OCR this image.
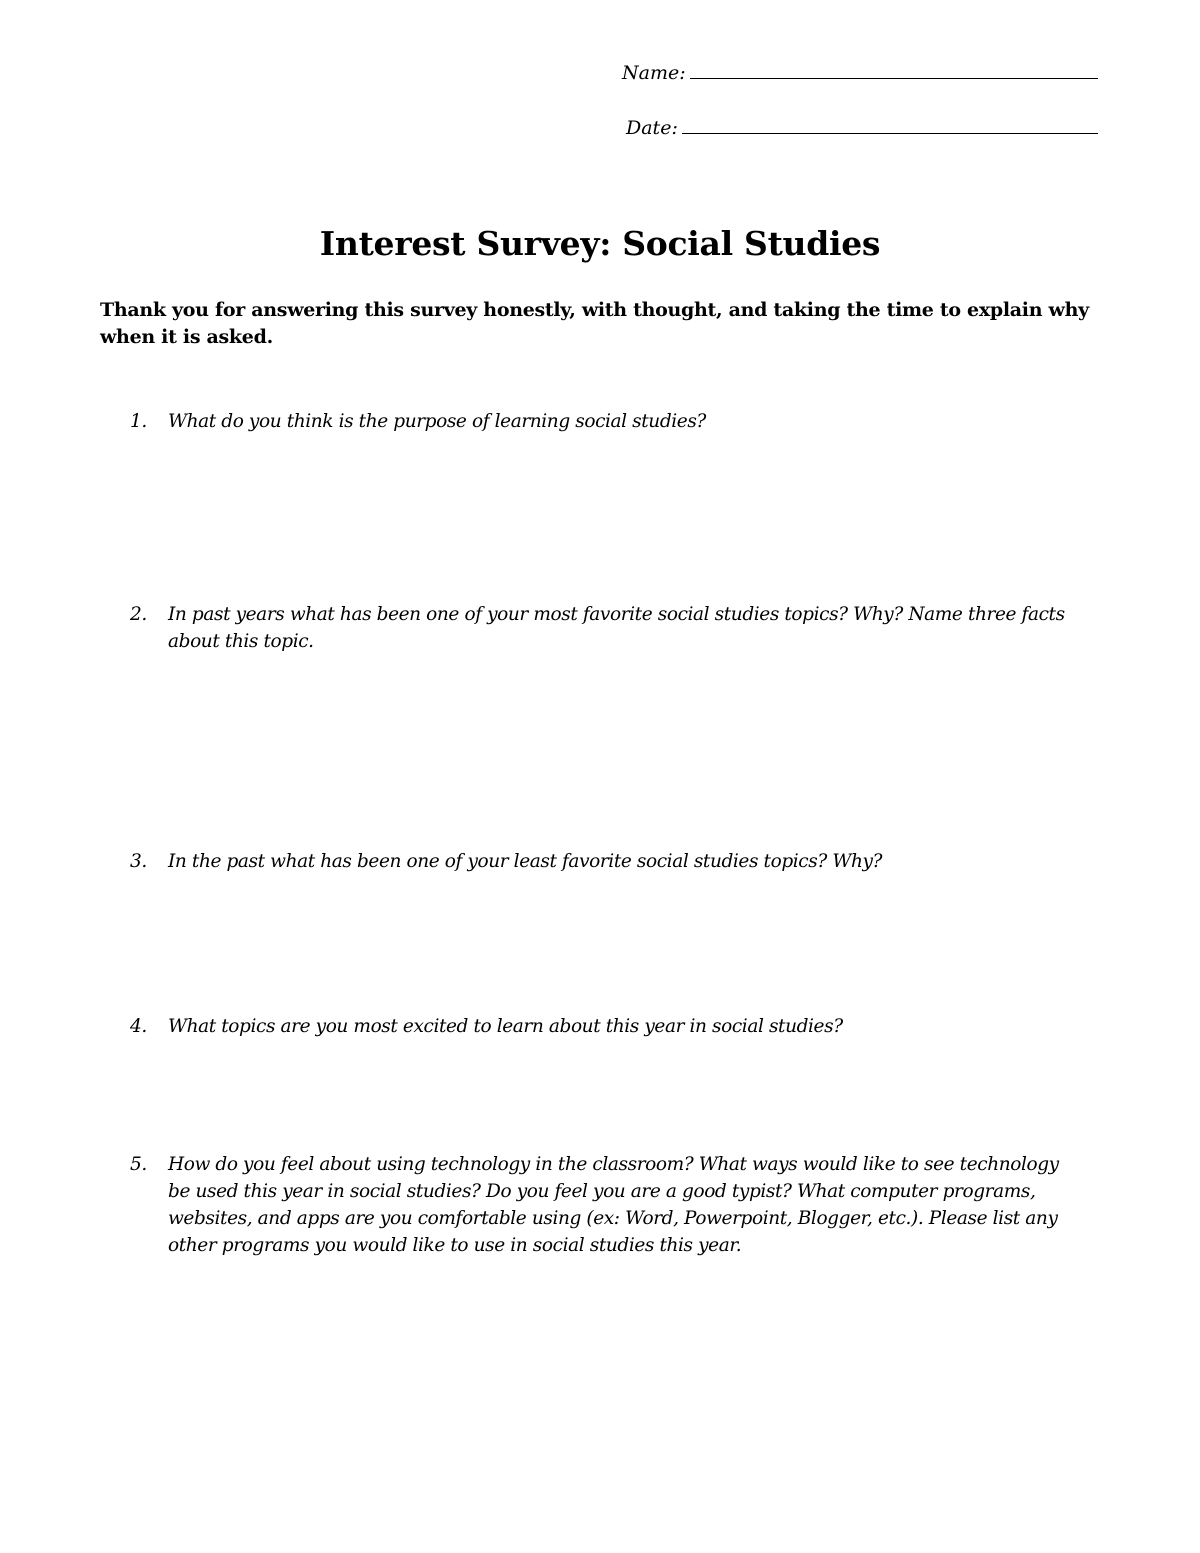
Name:
Date:
Interest Survey: Social Studies
Thank you for answering this survey honestly, with thought, and taking the time to explain why when it is asked.
1.	What do you think is the purpose of learning social studies?
2.	In past years what has been one of your most favorite social studies topics? Why? Name three facts about this topic.
3.	In the past what has been one of your least favorite social studies topics? Why?
4.	What topics are you most excited to learn about this year in social studies?
5.	How do you feel about using technology in the classroom? What ways would like to see technology be used this year in social studies? Do you feel you are a good typist? What computer programs, websites, and apps are you comfortable using (ex: Word, Powerpoint, Blogger, etc.). Please list any other programs you would like to use in social studies this year.
